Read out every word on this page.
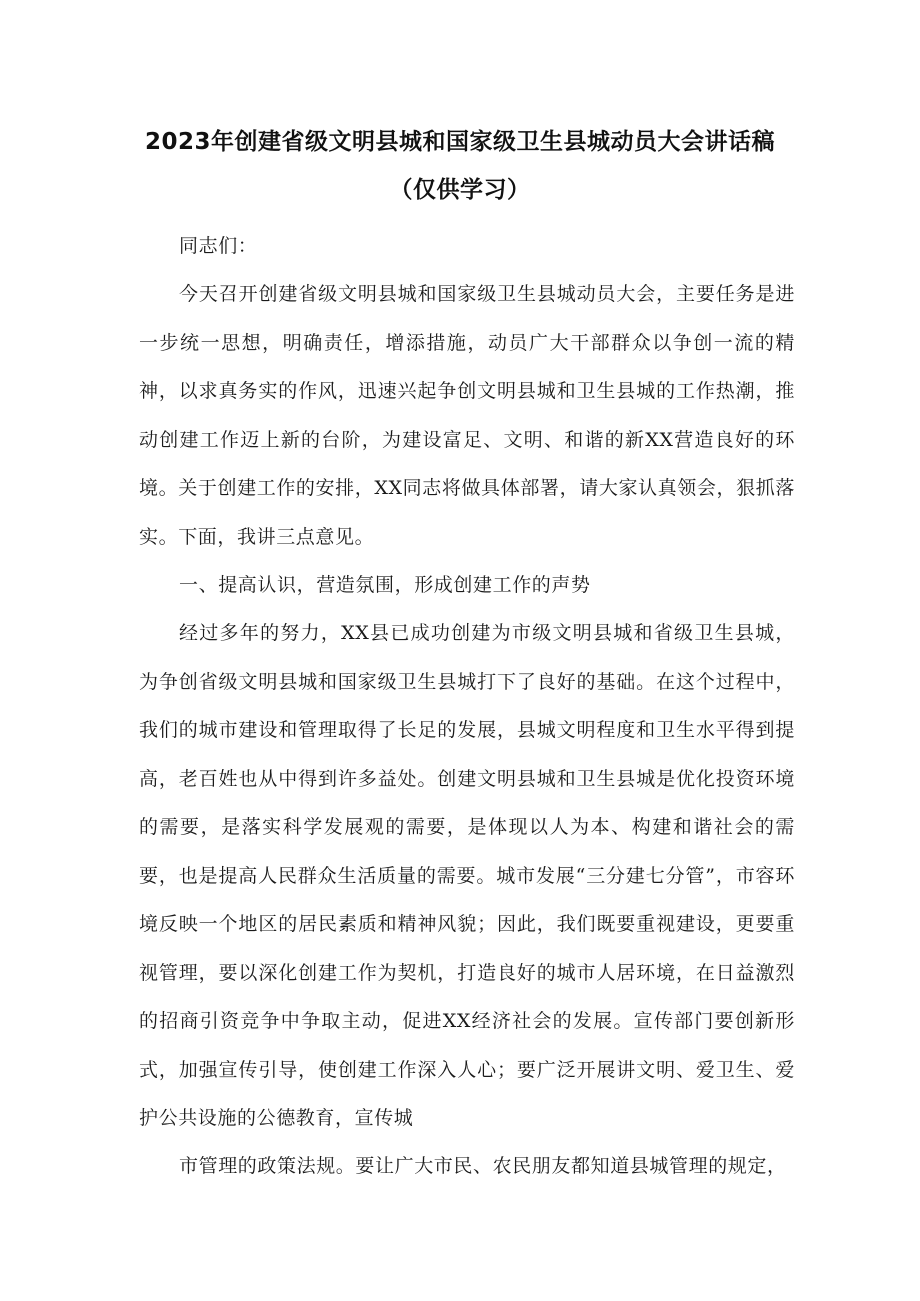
2023年创建省级文明县城和国家级卫生县城动员大会讲话稿（仅供学习）

同志们：

今天召开创建省级文明县城和国家级卫生县城动员大会，主要任务是进一步统一思想，明确责任，增添措施，动员广大干部群众以争创一流的精神，以求真务实的作风，迅速兴起争创文明县城和卫生县城的工作热潮，推动创建工作迈上新的台阶，为建设富足、文明、和谐的新XX营造良好的环境。关于创建工作的安排，XX同志将做具体部署，请大家认真领会，狠抓落实。下面，我讲三点意见。

一、提高认识，营造氛围，形成创建工作的声势

经过多年的努力，XX县已成功创建为市级文明县城和省级卫生县城，为争创省级文明县城和国家级卫生县城打下了良好的基础。在这个过程中，我们的城市建设和管理取得了长足的发展，县城文明程度和卫生水平得到提高，老百姓也从中得到许多益处。创建文明县城和卫生县城是优化投资环境的需要，是落实科学发展观的需要，是体现以人为本、构建和谐社会的需要，也是提高人民群众生活质量的需要。城市发展“三分建七分管”，市容环境反映一个地区的居民素质和精神风貌；因此，我们既要重视建设，更要重视管理，要以深化创建工作为契机，打造良好的城市人居环境，在日益激烈的招商引资竞争中争取主动，促进XX经济社会的发展。宣传部门要创新形式，加强宣传引导，使创建工作深入人心；要广泛开展讲文明、爱卫生、爱护公共设施的公德教育，宣传城

市管理的政策法规。要让广大市民、农民朋友都知道县城管理的规定，
